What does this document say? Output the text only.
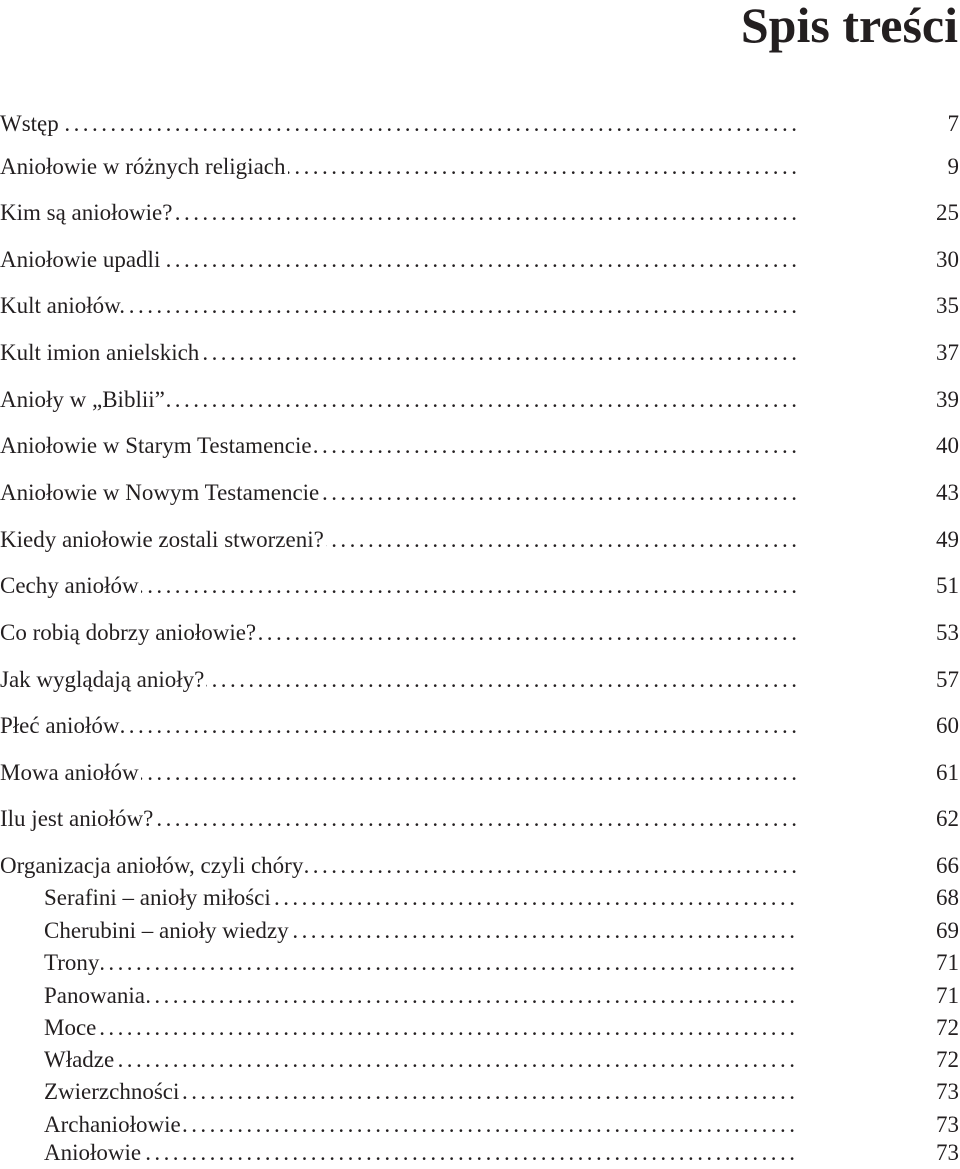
Spis treści
Wstęp . . .	7
Aniołowie w różnych religiach . . .	9
Kim są aniołowie? . . .	25
Aniołowie upadli . . .	30
Kult aniołów. . . .	35
Kult imion anielskich . . .	37
Anioły w „Biblii” . . .	39
Aniołowie w Starym Testamencie . . .	40
Aniołowie w Nowym Testamencie . . .	43
Kiedy aniołowie zostali stworzeni? . . .	49
Cechy aniołów . . .	51
Co robią dobrzy aniołowie? . . .	53
Jak wyglądają anioły? . . .	57
Płeć aniołów . . .	60
Mowa aniołów . . .	61
Ilu jest aniołów? . . .	62
Organizacja aniołów, czyli chóry . . .	66
Serafini – anioły miłości . . .	68
Cherubini – anioły wiedzy . . .	69
Trony . . .	71
Panowania . . .	71
Moce . . .	72
Władze . . .	72
Zwierzchności . . .	73
Archaniołowie . . .	73
Aniołowie . . .	73
